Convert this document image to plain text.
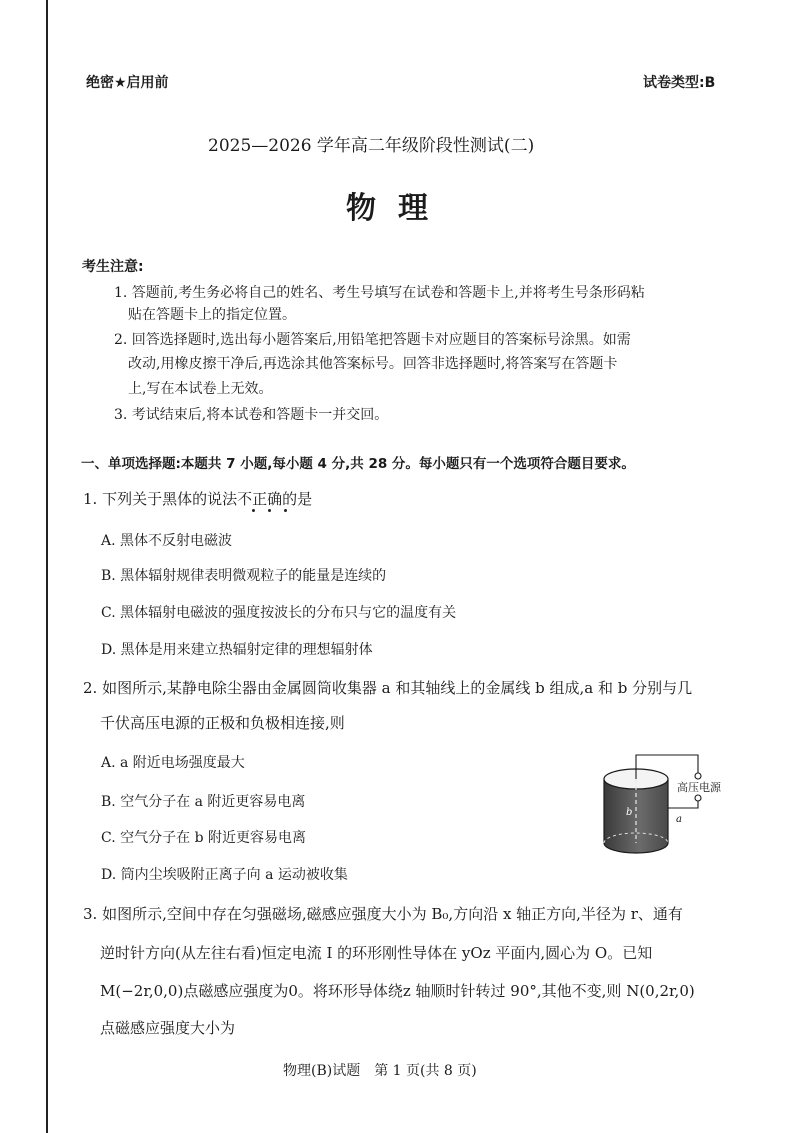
绝密★启用前	试卷类型:B
2025—2026 学年高二年级阶段性测试(二)
物理
考生注意:
1. 答题前,考生务必将自己的姓名、考生号填写在试卷和答题卡上,并将考生号条形码粘
贴在答题卡上的指定位置。
2. 回答选择题时,选出每小题答案后,用铅笔把答题卡对应题目的答案标号涂黑。如需
改动,用橡皮擦干净后,再选涂其他答案标号。回答非选择题时,将答案写在答题卡
上,写在本试卷上无效。
3. 考试结束后,将本试卷和答题卡一并交回。
一、单项选择题:本题共 7 小题,每小题 4 分,共 28 分。每小题只有一个选项符合题目要求。
1. 下列关于黑体的说法不正确的是
A. 黑体不反射电磁波
B. 黑体辐射规律表明微观粒子的能量是连续的
C. 黑体辐射电磁波的强度按波长的分布只与它的温度有关
D. 黑体是用来建立热辐射定律的理想辐射体
2. 如图所示,某静电除尘器由金属圆筒收集器 a 和其轴线上的金属线 b 组成,a 和 b 分别与几
千伏高压电源的正极和负极相连接,则
A. a 附近电场强度最大
B. 空气分子在 a 附近更容易电离
C. 空气分子在 b 附近更容易电离
D. 筒内尘埃吸附正离子向 a 运动被收集
b
高压电源
a
3. 如图所示,空间中存在匀强磁场,磁感应强度大小为 B₀,方向沿 x 轴正方向,半径为 r、通有
逆时针方向(从左往右看)恒定电流 I 的环形刚性导体在 yOz 平面内,圆心为 O。已知
M(−2r,0,0)点磁感应强度为0。将环形导体绕z 轴顺时针转过 90°,其他不变,则 N(0,2r,0)
点磁感应强度大小为
物理(B)试题　第 1 页(共 8 页)
